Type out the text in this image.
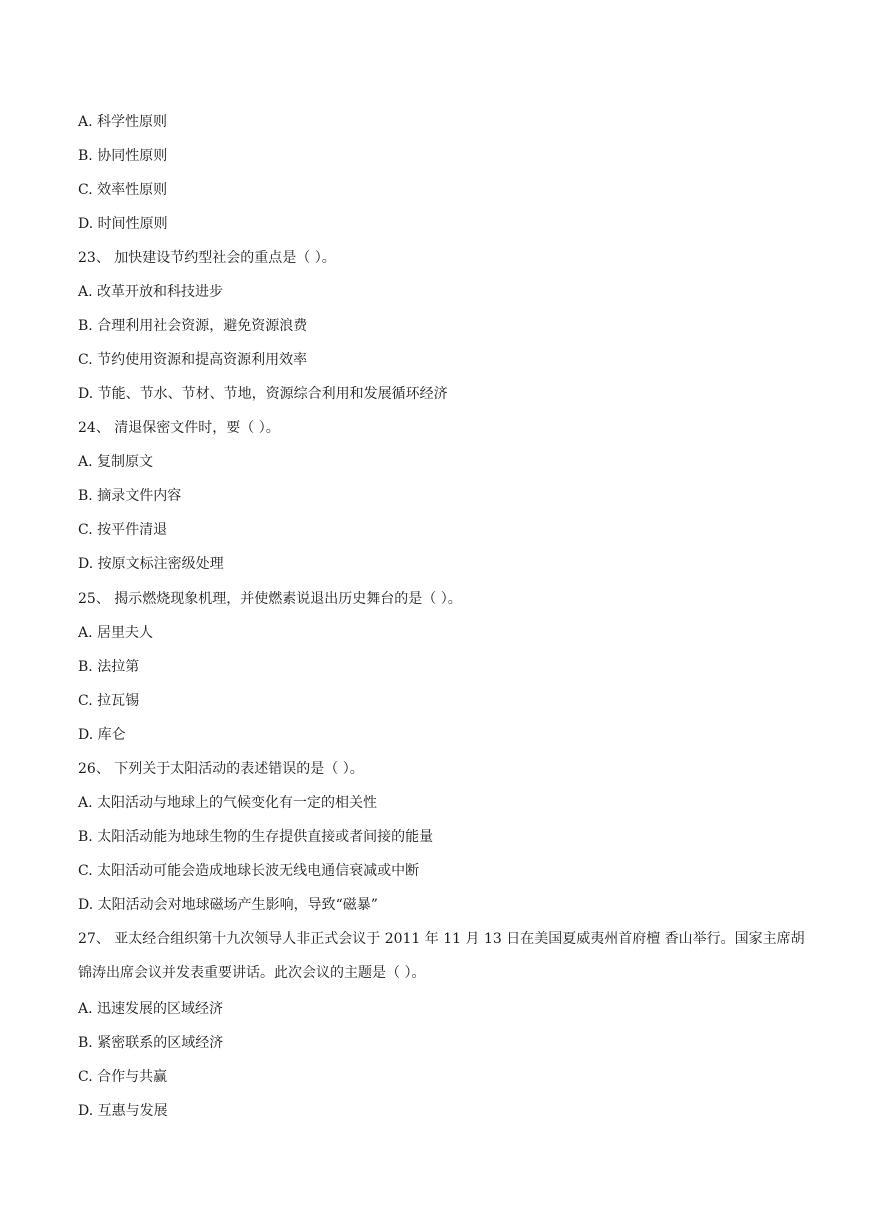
A. 科学性原则
B. 协同性原则
C. 效率性原则
D. 时间性原则
23、 加快建设节约型社会的重点是（ ）。
A. 改革开放和科技进步
B. 合理利用社会资源，避免资源浪费
C. 节约使用资源和提高资源利用效率
D. 节能、节水、节材、节地，资源综合利用和发展循环经济
24、 清退保密文件时，要（ ）。
A. 复制原文
B. 摘录文件内容
C. 按平件清退
D. 按原文标注密级处理
25、 揭示燃烧现象机理，并使燃素说退出历史舞台的是（ ）。
A. 居里夫人
B. 法拉第
C. 拉瓦锡
D. 库仑
26、 下列关于太阳活动的表述错误的是（ ）。
A. 太阳活动与地球上的气候变化有一定的相关性
B. 太阳活动能为地球生物的生存提供直接或者间接的能量
C. 太阳活动可能会造成地球长波无线电通信衰减或中断
D. 太阳活动会对地球磁场产生影响，导致“磁暴”
27、 亚太经合组织第十九次领导人非正式会议于 2011 年 11 月 13 日在美国夏威夷州首府檀 香山举行。国家主席胡锦涛出席会议并发表重要讲话。此次会议的主题是（ ）。
A. 迅速发展的区域经济
B. 紧密联系的区域经济
C. 合作与共赢
D. 互惠与发展
